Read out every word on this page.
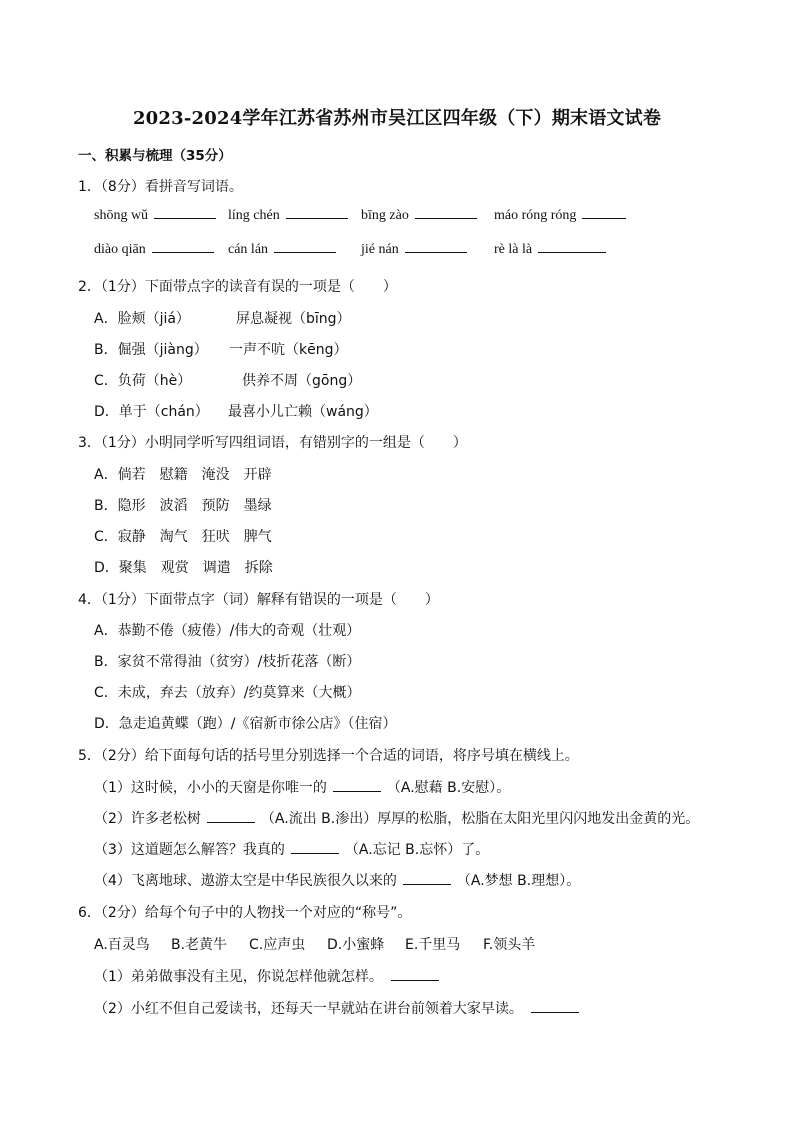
2023-2024学年江苏省苏州市吴江区四年级（下）期末语文试卷
一、积累与梳理（35分）
1．（8分）看拼音写词语。
shōng wǔ	líng chén	bīng zào	máo róng róng
diào qiān	cán lán	jié nán	rè là là
2．（1分）下面带点字的读音有误的一项是（　　）
A．脸颊（jiá）	屏息凝视（bīng）
B．倔强（jiàng） 一声不吭（kēng）
C．负荷（hè）	供养不周（gōng）
D．单于（chán） 最喜小儿亡赖（wáng）
3．（1分）小明同学听写四组词语，有错别字的一组是（　　）
A．倘若　慰籍　淹没　开辟
B．隐形　波滔　预防　墨绿
C．寂静　淘气　狂吠　脾气
D．聚集　观赏　调遣　拆除
4．（1分）下面带点字（词）解释有错误的一项是（　　）
A．恭勤不倦（疲倦）/伟大的奇观（壮观）
B．家贫不常得油（贫穷）/枝折花落（断）
C．未成，弃去（放弃）/约莫算来（大概）
D．急走追黄蝶（跑）/《宿新市徐公店》（住宿）
5．（2分）给下面每句话的括号里分别选择一个合适的词语，将序号填在横线上。
（1）这时候，小小的天窗是你唯一的	（A.慰藉 B.安慰）。
（2）许多老松树	（A.流出 B.渗出）厚厚的松脂，松脂在太阳光里闪闪地发出金黄的光。
（3）这道题怎么解答？我真的	（A.忘记 B.忘怀）了。
（4）飞离地球、遨游太空是中华民族很久以来的	（A.梦想 B.理想）。
6．（2分）给每个句子中的人物找一个对应的“称号”。
A.百灵鸟 B.老黄牛 C.应声虫 D.小蜜蜂 E.千里马 F.领头羊
（1）弟弟做事没有主见，你说怎样他就怎样。
（2）小红不但自己爱读书，还每天一早就站在讲台前领着大家早读。
